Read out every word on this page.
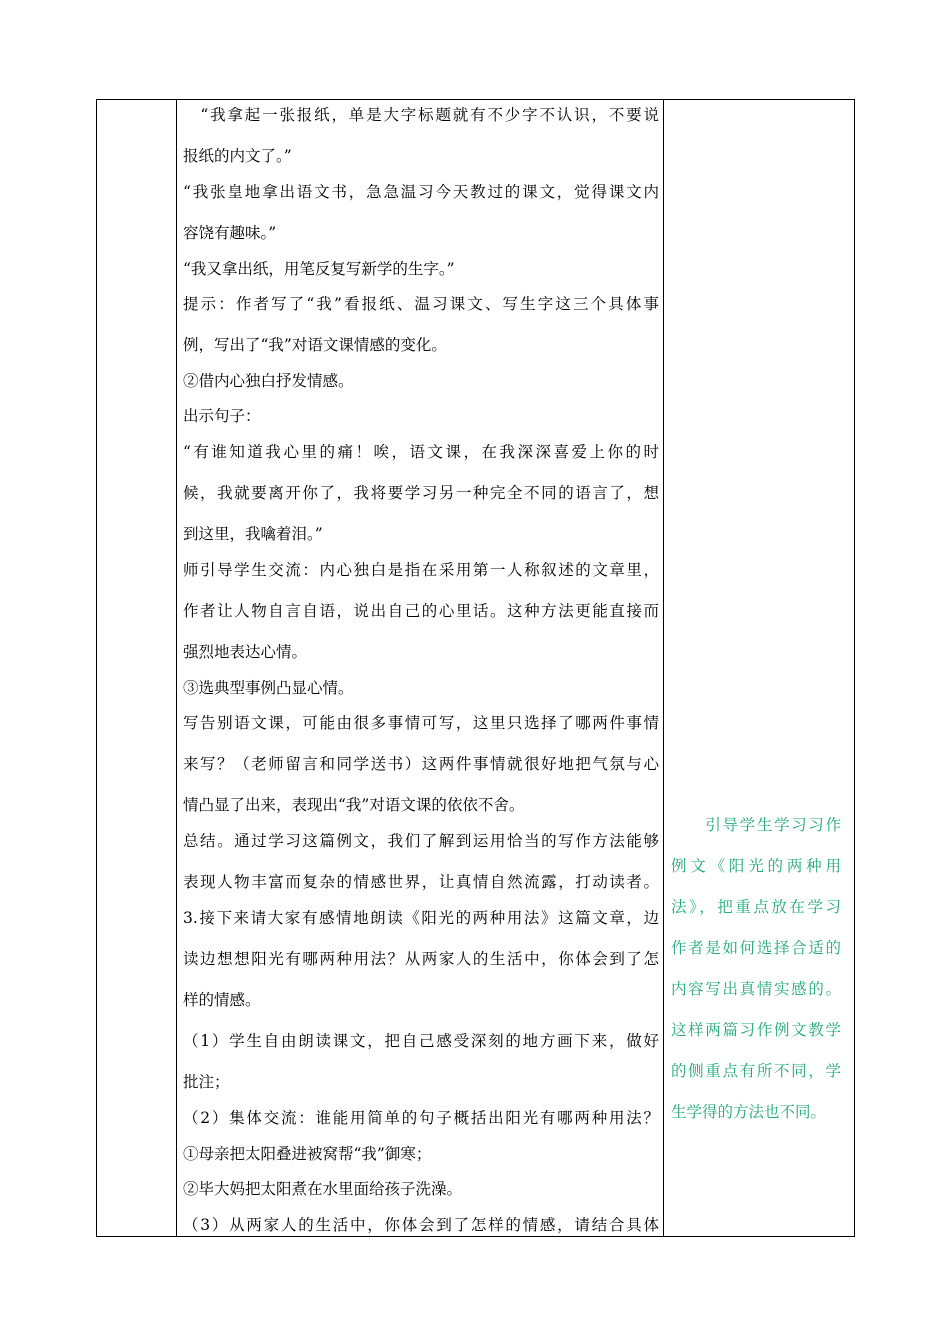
　“我拿起一张报纸，单是大字标题就有不少字不认识，不要说
报纸的内文了。”
“我张皇地拿出语文书，急急温习今天教过的课文，觉得课文内
容饶有趣味。”
“我又拿出纸，用笔反复写新学的生字。”
提示：作者写了“我”看报纸、温习课文、写生字这三个具体事
例，写出了“我”对语文课情感的变化。
②借内心独白抒发情感。
出示句子：
“有谁知道我心里的痛！唉，语文课，在我深深喜爱上你的时
候，我就要离开你了，我将要学习另一种完全不同的语言了，想
到这里，我噙着泪。”
师引导学生交流：内心独白是指在采用第一人称叙述的文章里，
作者让人物自言自语，说出自己的心里话。这种方法更能直接而
强烈地表达心情。
③选典型事例凸显心情。
写告别语文课，可能由很多事情可写，这里只选择了哪两件事情
来写？（老师留言和同学送书）这两件事情就很好地把气氛与心
情凸显了出来，表现出“我”对语文课的依依不舍。
总结。通过学习这篇例文，我们了解到运用恰当的写作方法能够
表现人物丰富而复杂的情感世界，让真情自然流露，打动读者。
3.接下来请大家有感情地朗读《阳光的两种用法》这篇文章，边
读边想想阳光有哪两种用法？从两家人的生活中，你体会到了怎
样的情感。
（1）学生自由朗读课文，把自己感受深刻的地方画下来，做好
批注；
（2）集体交流：谁能用简单的句子概括出阳光有哪两种用法？
①母亲把太阳叠进被窝帮“我”御寒；
②毕大妈把太阳煮在水里面给孩子洗澡。
（3）从两家人的生活中，你体会到了怎样的情感，请结合具体
　　引导学生学习习作
例文《阳光的两种用
法》，把重点放在学习
作者是如何选择合适的
内容写出真情实感的。
这样两篇习作例文教学
的侧重点有所不同，学
生学得的方法也不同。
